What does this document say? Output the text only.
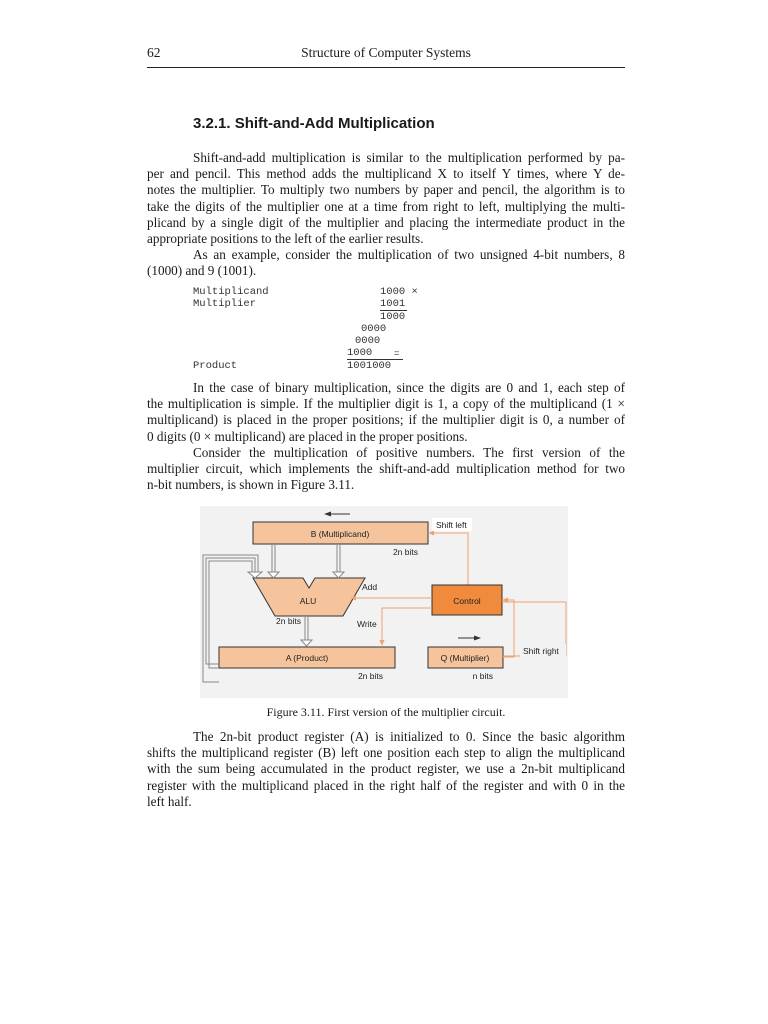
62	Structure of Computer Systems
3.2.1. Shift-and-Add Multiplication
Shift-and-add multiplication is similar to the multiplication performed by pa-
per and pencil. This method adds the multiplicand X to itself Y times, where Y de-
notes the multiplier. To multiply two numbers by paper and pencil, the algorithm is to
take the digits of the multiplier one at a time from right to left, multiplying the multi-
plicand by a single digit of the multiplier and placing the intermediate product in the
appropriate positions to the left of the earlier results.
As an example, consider the multiplication of two unsigned 4-bit numbers, 8
(1000) and 9 (1001).
Multiplicand
Multiplier
1000 ×
1001
1000
0000
0000
1000 =
Product	1001000
In the case of binary multiplication, since the digits are 0 and 1, each step of
the multiplication is simple. If the multiplier digit is 1, a copy of the multiplicand (1 ×
multiplicand) is placed in the proper positions; if the multiplier digit is 0, a number of
0 digits (0 × multiplicand) are placed in the proper positions.
Consider the multiplication of positive numbers. The first version of the
multiplier circuit, which implements the shift-and-add multiplication method for two
n-bit numbers, is shown in Figure 3.11.
B (Multiplicand)
2n bits
Shift left
ALU
2n bits
A (Product)
2n bits
Control
Add
Write
Q (Multiplier)
n bits
Shift right
Figure 3.11. First version of the multiplier circuit.
The 2n-bit product register (A) is initialized to 0. Since the basic algorithm
shifts the multiplicand register (B) left one position each step to align the multiplicand
with the sum being accumulated in the product register, we use a 2n-bit multiplicand
register with the multiplicand placed in the right half of the register and with 0 in the
left half.
